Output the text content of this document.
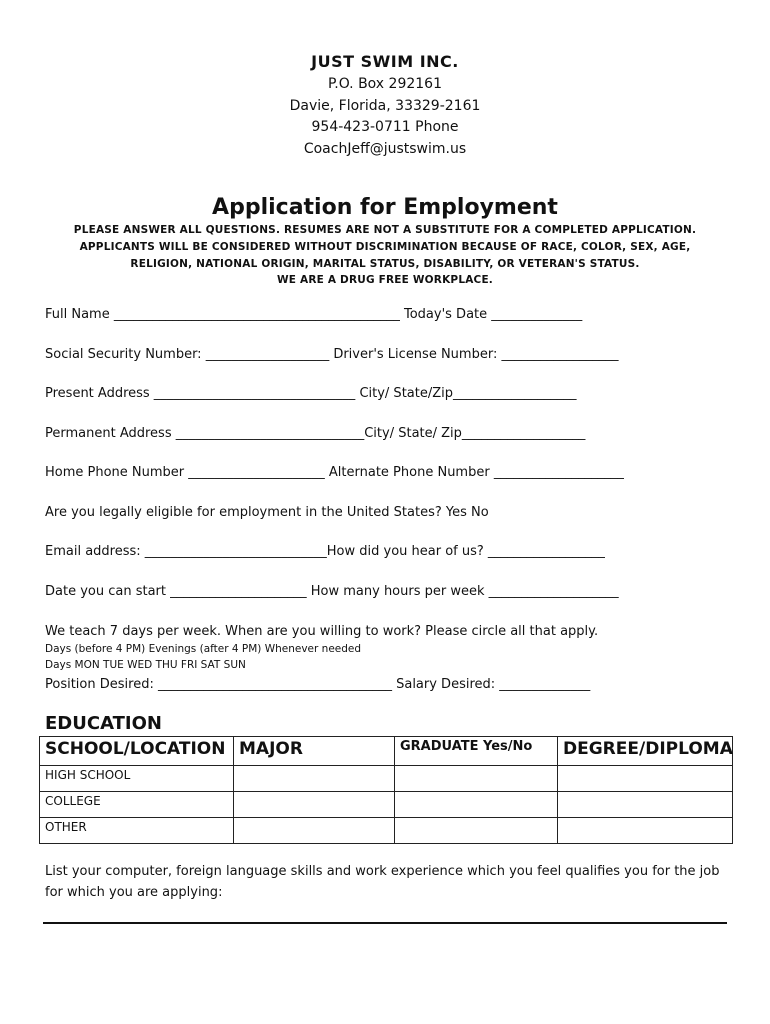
JUST SWIM INC.
P.O. Box 292161
Davie, Florida, 33329-2161
954-423-0711 Phone
CoachJeff@justswim.us
Application for Employment
PLEASE ANSWER ALL QUESTIONS. RESUMES ARE NOT A SUBSTITUTE FOR A COMPLETED APPLICATION.
APPLICANTS WILL BE CONSIDERED WITHOUT DISCRIMINATION BECAUSE OF RACE, COLOR, SEX, AGE,
RELIGION, NATIONAL ORIGIN, MARITAL STATUS, DISABILITY, OR VETERAN'S STATUS.
WE ARE A DRUG FREE WORKPLACE.
Full Name ____________________________________________ Today's Date ______________
Social Security Number: ___________________ Driver's License Number: __________________
Present Address _______________________________ City/ State/Zip___________________
Permanent Address _____________________________City/ State/ Zip___________________
Home Phone Number _____________________ Alternate Phone Number ____________________
Are you legally eligible for employment in the United States? Yes No
Email address: ____________________________How did you hear of us? __________________
Date you can start _____________________ How many hours per week ____________________
We teach 7 days per week. When are you willing to work? Please circle all that apply.
Days (before 4 PM) Evenings (after 4 PM) Whenever needed
Days MON TUE WED THU FRI SAT SUN
Position Desired: ____________________________________ Salary Desired: ______________
EDUCATION
SCHOOL/LOCATION	MAJOR	GRADUATE Yes/No	DEGREE/DIPLOMA
HIGH SCHOOL			
COLLEGE			
OTHER			
List your computer, foreign language skills and work experience which you feel qualifies you for the job
for which you are applying:
